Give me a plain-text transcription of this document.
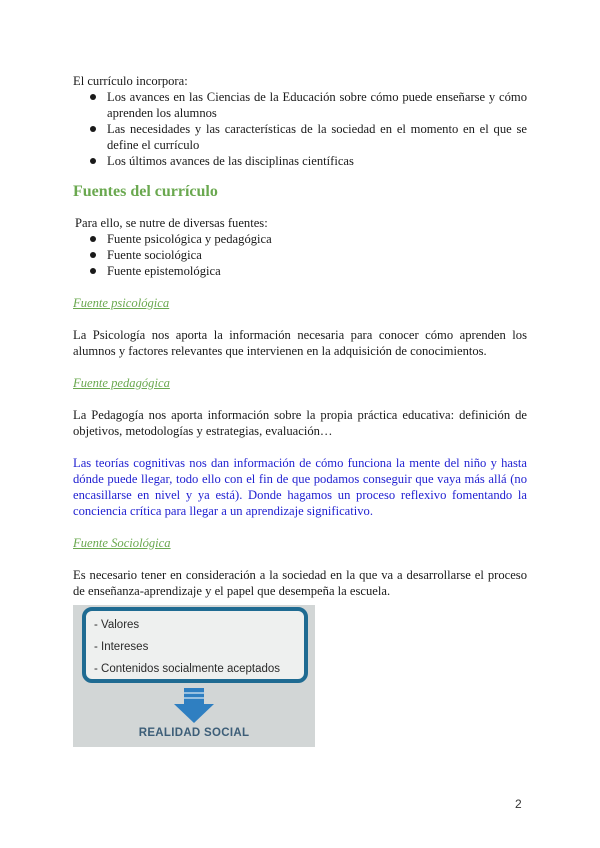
El currículo incorpora:

Los avances en las Ciencias de la Educación sobre cómo puede enseñarse y cómo aprenden los alumnos
Las necesidades y las características de la sociedad en el momento en el que se define el currículo
Los últimos avances de las disciplinas científicas
Fuentes del currículo

Para ello, se nutre de diversas fuentes:

Fuente psicológica y pedagógica
Fuente sociológica
Fuente epistemológica

Fuente psicológica

La Psicología nos aporta la información necesaria para conocer cómo aprenden los alumnos y factores relevantes que intervienen en la adquisición de conocimientos.

Fuente pedagógica

La Pedagogía nos aporta información sobre la propia práctica educativa: definición de objetivos, metodologías y estrategias, evaluación…

Las teorías cognitivas nos dan información de cómo funciona la mente del niño y hasta dónde puede llegar, todo ello con el fin de que podamos conseguir que vaya más allá (no encasillarse en nivel y ya está). Donde hagamos un proceso reflexivo fomentando la conciencia crítica para llegar a un aprendizaje significativo.

Fuente Sociológica

Es necesario tener en consideración a la sociedad en la que va a desarrollarse el proceso de enseñanza-aprendizaje y el papel que desempeña la escuela.

- Valores
- Intereses
- Contenidos socialmente aceptados
REALIDAD SOCIAL
2
